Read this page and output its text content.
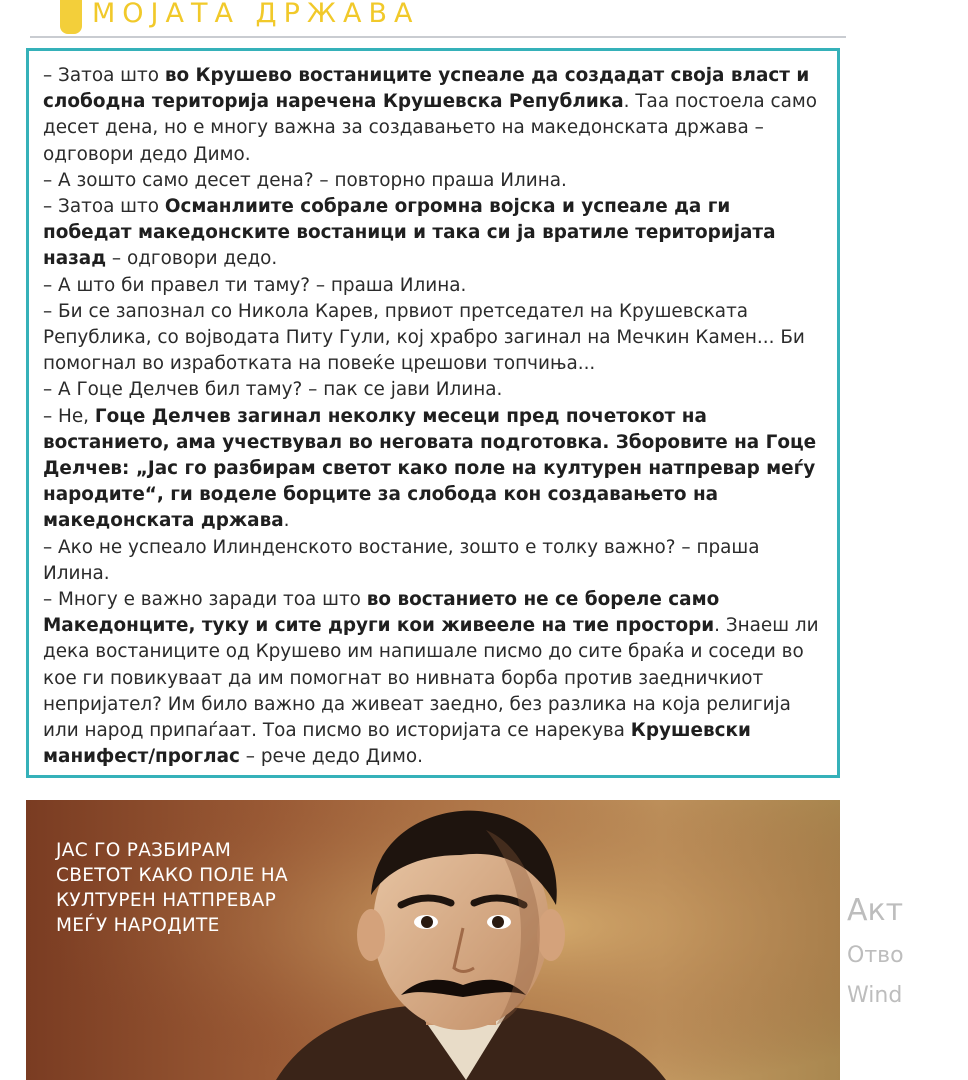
МОЈАТА ДРЖАВА

– Затоа што во Крушево востаниците успеале да создадат своја власт и слободна територија наречена Крушевска Република. Таа постоела само десет дена, но е многу важна за создавањето на македонската држава – одговори дедо Димо.

– А зошто само десет дена? – повторно праша Илина.

– Затоа што Османлиите собрале огромна војска и успеале да ги победат македонските востаници и така си ја вратиле територијата назад – одговори дедо.

– А што би правел ти таму? – праша Илина.

– Би се запознал со Никола Карев, првиот претседател на Крушевската Република, со војводата Питу Гули, кој храбро загинал на Мечкин Камен... Би помогнал во изработката на повеќе црешови топчиња...

– А Гоце Делчев бил таму? – пак се јави Илина.

– Не, Гоце Делчев загинал неколку месеци пред почетокот на востанието, ама учествувал во неговата подготовка. Зборовите на Гоце Делчев: „Јас го разбирам светот како поле на културен натпревар меѓу народите“, ги воделе борците за слобода кон создавањето на македонската држава.

– Ако не успеало Илинденското востание, зошто е толку важно? – праша Илина.

– Многу е важно заради тоа што во востанието не се бореле само Македонците, туку и сите други кои живееле на тие простори. Знаеш ли дека востаниците од Крушево им напишале писмо до сите браќа и соседи во кое ги повикуваат да им помогнат во нивната борба против заедничкиот непријател? Им било важно да живеат заедно, без разлика на која религија или народ припаѓаат. Тоа писмо во историјата се нарекува Крушевски манифест/проглас – рече дедо Димо.

ЈАС ГО РАЗБИРАМ
СВЕТОТ КАКО ПОЛЕ НА
КУЛТУРЕН НАТПРЕВАР
МЕЃУ НАРОДИТЕ	Акт
Отво
Wind
